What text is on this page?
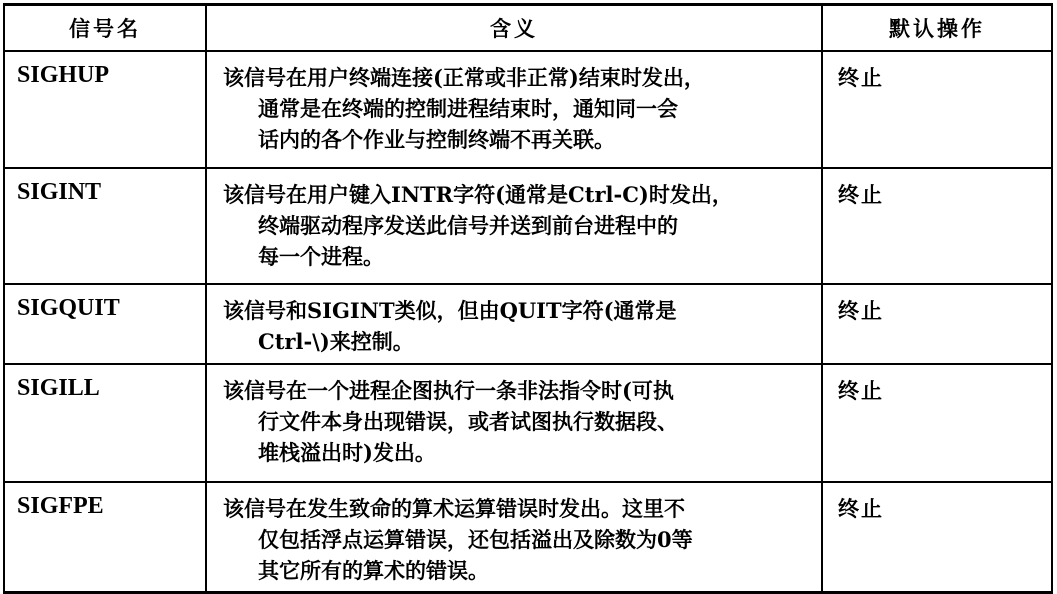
信号名	含义	默认操作
SIGHUP	该信号在用户终端连接(正常或非正常)结束时发出，
通常是在终端的控制进程结束时，通知同一会
话内的各个作业与控制终端不再关联。	终止
SIGINT	该信号在用户键入INTR字符(通常是Ctrl-C)时发出，
终端驱动程序发送此信号并送到前台进程中的
每一个进程。	终止
SIGQUIT	该信号和SIGINT类似，但由QUIT字符(通常是
Ctrl-\)来控制。	终止
SIGILL	该信号在一个进程企图执行一条非法指令时(可执
行文件本身出现错误，或者试图执行数据段、
堆栈溢出时)发出。	终止
SIGFPE	该信号在发生致命的算术运算错误时发出。这里不
仅包括浮点运算错误，还包括溢出及除数为0等
其它所有的算术的错误。	终止
